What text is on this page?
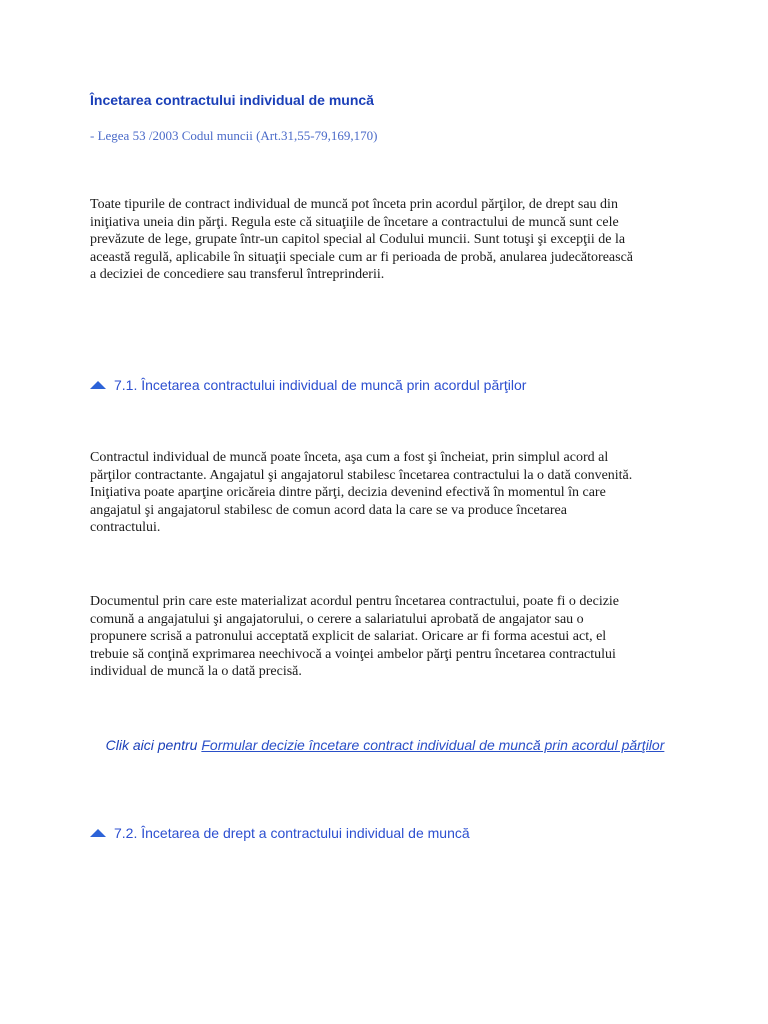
Încetarea contractului individual de muncă
- Legea 53 /2003 Codul muncii (Art.31,55-79,169,170)
Toate tipurile de contract individual de muncă pot înceta prin acordul părţilor, de drept sau din
iniţiativa uneia din părţi. Regula este că situaţiile de încetare a contractului de muncă sunt cele
prevăzute de lege, grupate într-un capitol special al Codului muncii. Sunt totuşi şi excepţii de la
această regulă, aplicabile în situaţii speciale cum ar fi perioada de probă, anularea judecătorească
a deciziei de concediere sau transferul întreprinderii.
7.1. Încetarea contractului individual de muncă prin acordul părţilor
Contractul individual de muncă poate înceta, aşa cum a fost şi încheiat, prin simplul acord al
părţilor contractante. Angajatul şi angajatorul stabilesc încetarea contractului la o dată convenită.
Iniţiativa poate aparţine oricăreia dintre părţi, decizia devenind efectivă în momentul în care
angajatul şi angajatorul stabilesc de comun acord data la care se va produce încetarea
contractului.
Documentul prin care este materializat acordul pentru încetarea contractului, poate fi o decizie
comună a angajatului şi angajatorului, o cerere a salariatului aprobată de angajator sau o
propunere scrisă a patronului acceptată explicit de salariat. Oricare ar fi forma acestui act, el
trebuie să conţină exprimarea neechivocă a voinţei ambelor părţi pentru încetarea contractului
individual de muncă la o dată precisă.
Clik aici pentru Formular decizie încetare contract individual de muncă prin acordul părţilor
7.2. Încetarea de drept a contractului individual de muncă
